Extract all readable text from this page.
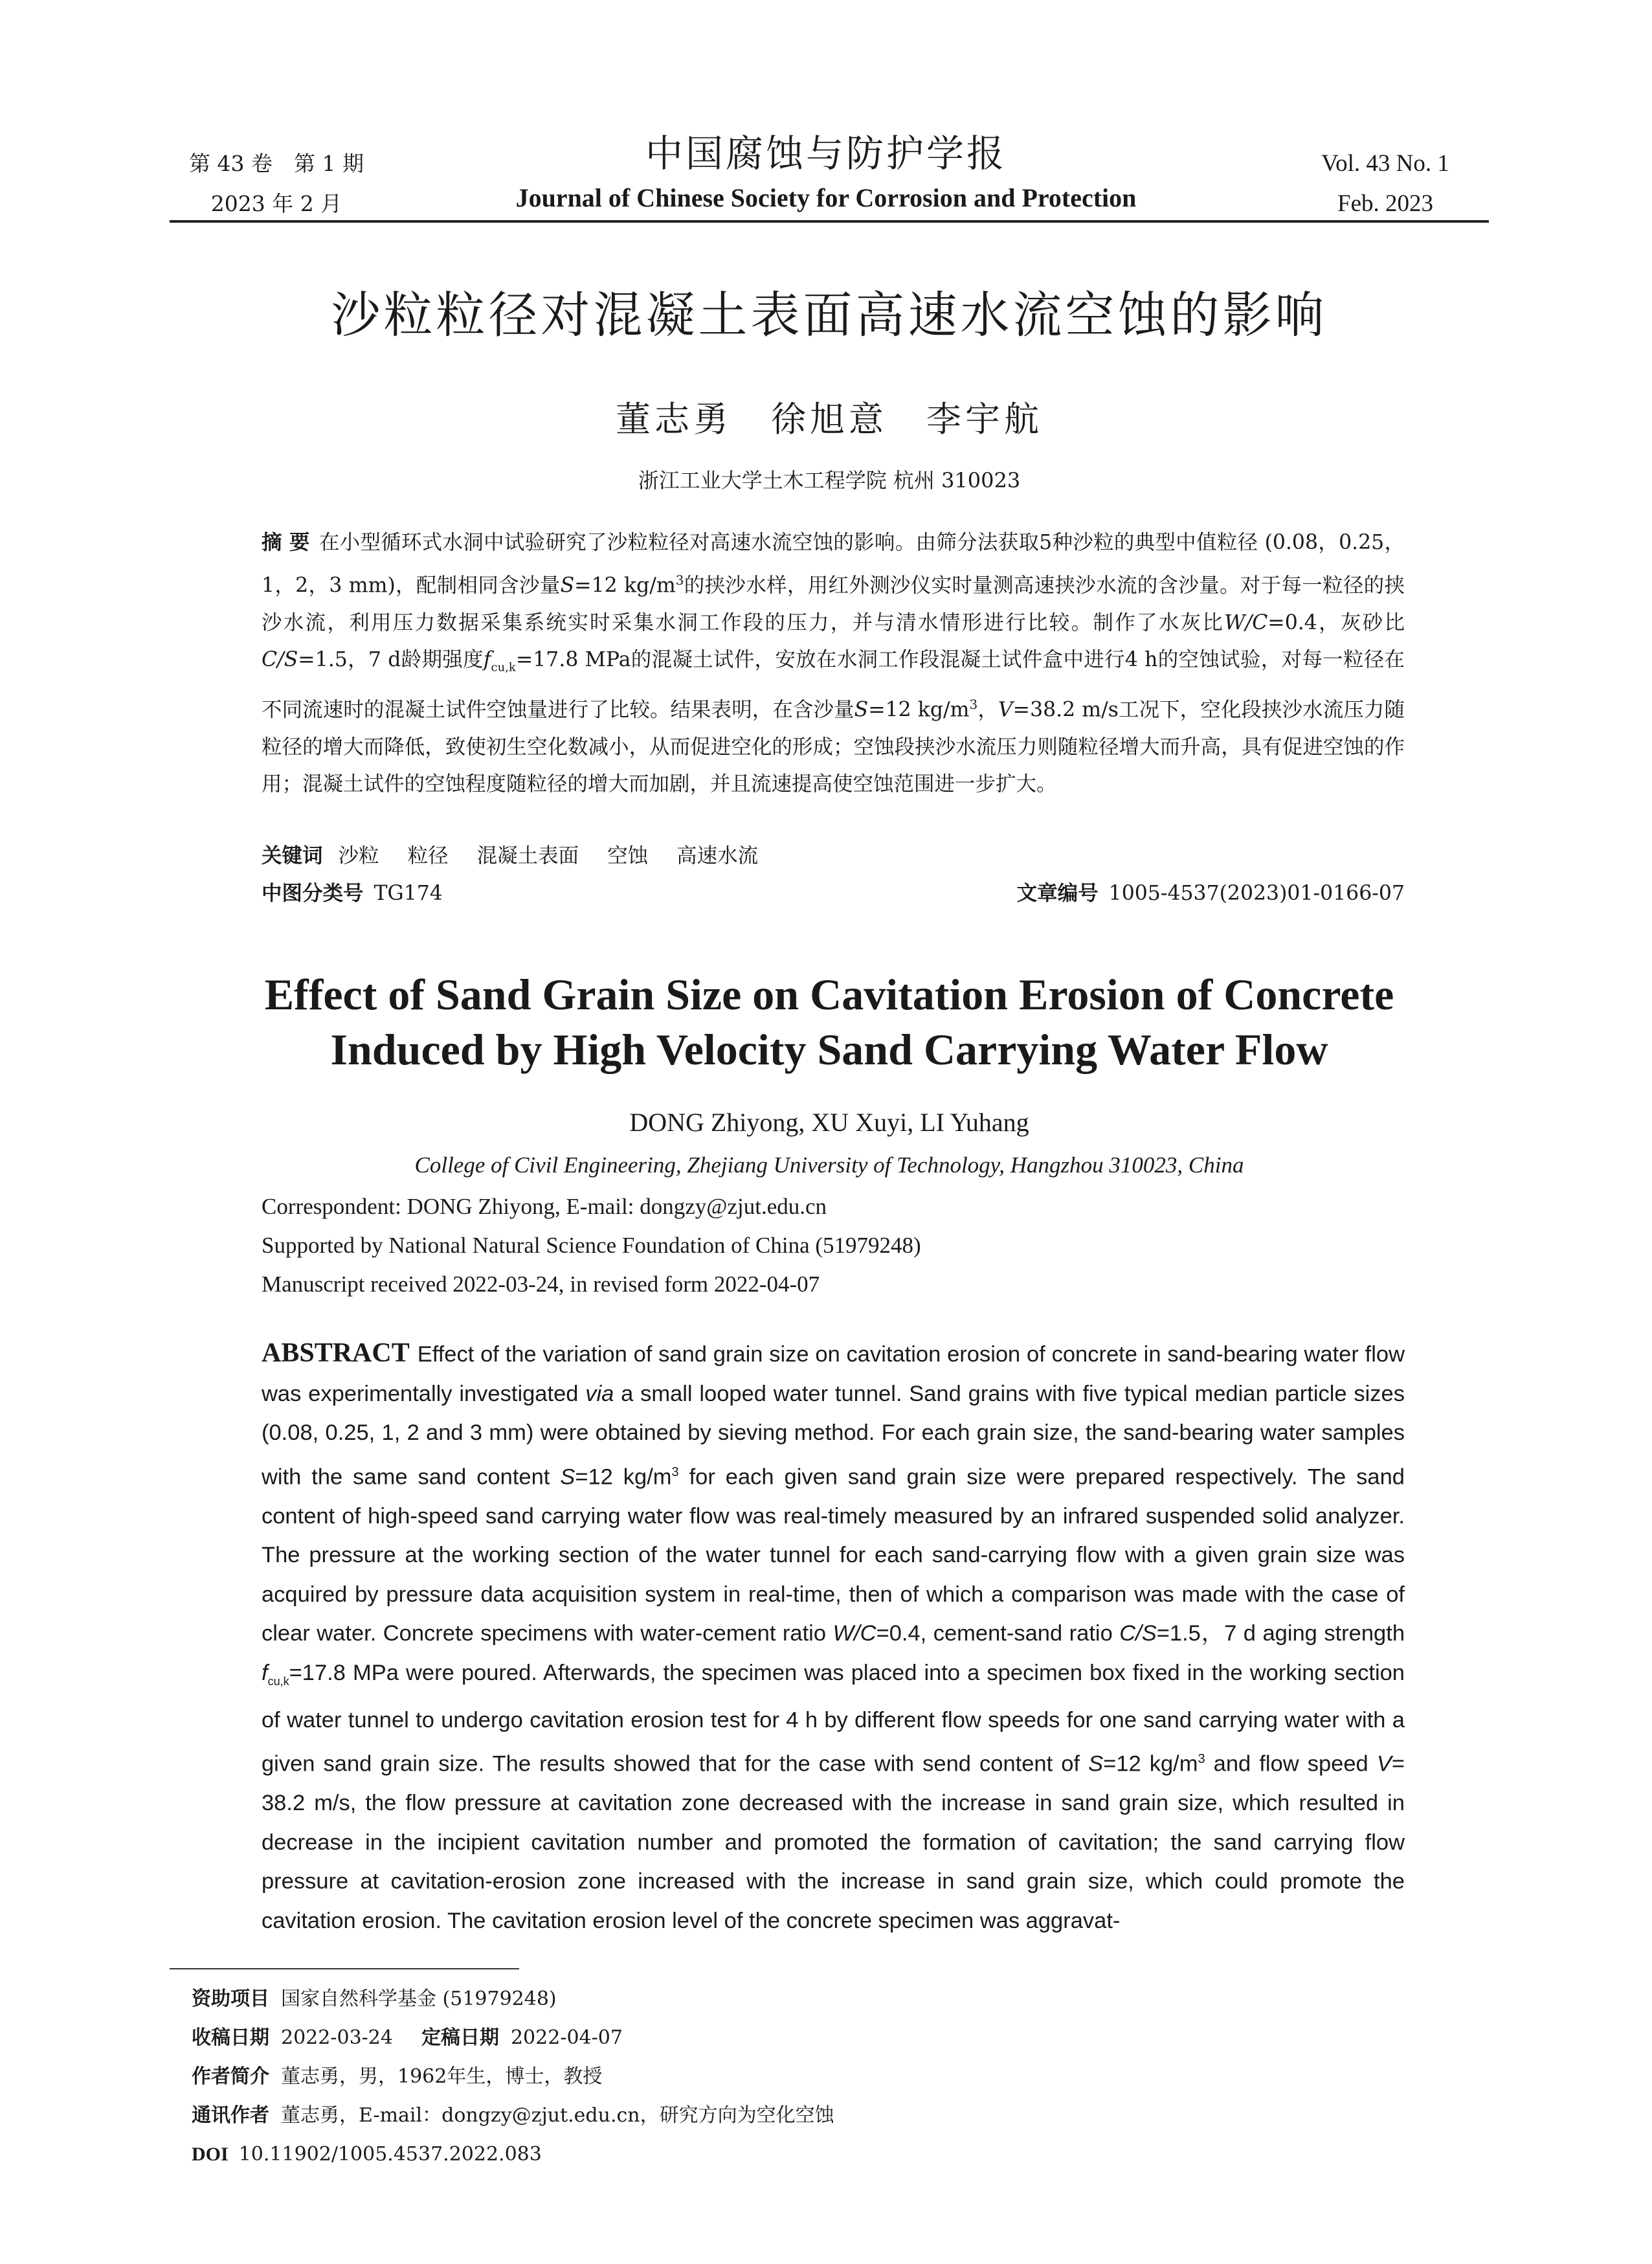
第 43 卷　第 1 期
2023 年 2 月
中国腐蚀与防护学报
Journal of Chinese Society for Corrosion and Protection
Vol. 43 No. 1
Feb. 2023
沙粒粒径对混凝土表面高速水流空蚀的影响
董志勇　徐旭意　李宇航
浙江工业大学土木工程学院 杭州 310023
摘 要 在小型循环式水洞中试验研究了沙粒粒径对高速水流空蚀的影响。由筛分法获取5种沙粒的典型中值粒径 (0.08，0.25，1，2，3 mm)，配制相同含沙量S=12 $kg/m^3$的挟沙水样，用红外测沙仪实时量测高速挟沙水流的含沙量。对于每一粒径的挟沙水流，利用压力数据采集系统实时采集水洞工作段的压力，并与清水情形进行比较。制作了水灰比W/C=0.4，灰砂比C/S=1.5，7 d龄期强度$f_{cu,k}=17.8$ MPa的混凝土试件，安放在水洞工作段混凝土试件盒中进行4 h的空蚀试验，对每一粒径在不同流速时的混凝土试件空蚀量进行了比较。结果表明，在含沙量S=12 $kg/m^3$，V=38.2 m/s工况下，空化段挟沙水流压力随粒径的增大而降低，致使初生空化数减小，从而促进空化的形成；空蚀段挟沙水流压力则随粒径增大而升高，具有促进空蚀的作用；混凝土试件的空蚀程度随粒径的增大而加剧，并且流速提高使空蚀范围进一步扩大。
关键词 沙粒 粒径 混凝土表面 空蚀 高速水流
中图分类号 TG174	文章编号 1005-4537(2023)01-0166-07
Effect of Sand Grain Size on Cavitation Erosion of Concrete
Induced by High Velocity Sand Carrying Water Flow
DONG Zhiyong, XU Xuyi, LI Yuhang
College of Civil Engineering, Zhejiang University of Technology, Hangzhou 310023, China
Correspondent: DONG Zhiyong, E-mail: dongzy@zjut.edu.cn
Supported by National Natural Science Foundation of China (51979248)
Manuscript received 2022-03-24, in revised form 2022-04-07
ABSTRACT Effect of the variation of sand grain size on cavitation erosion of concrete in sand-bearing water flow was experimentally investigated via a small looped water tunnel. Sand grains with five typical median particle sizes (0.08, 0.25, 1, 2 and 3 mm) were obtained by sieving method. For each grain size, the sand-bearing water samples with the same sand content S=12 $kg/m^3$ for each given sand grain size were prepared respectively. The sand content of high-speed sand carrying water flow was real-timely measured by an infrared suspended solid analyzer. The pressure at the working section of the water tunnel for each sand-carrying flow with a given grain size was acquired by pressure data acquisition system in real-time, then of which a comparison was made with the case of clear water. Concrete specimens with water-cement ratio W/C=0.4, cement-sand ratio C/S=1.5，7 d aging strength $f_{cu,k}=17.8$ MPa were poured. Afterwards, the specimen was placed into a specimen box fixed in the working section of water tunnel to undergo cavitation erosion test for 4 h by different flow speeds for one sand carrying water with a given sand grain size. The results showed that for the case with send content of S=12 $kg/m^3$ and flow speed V= 38.2 m/s, the flow pressure at cavitation zone decreased with the increase in sand grain size, which resulted in decrease in the incipient cavitation number and promoted the formation of cavitation; the sand carrying flow pressure at cavitation-erosion zone increased with the increase in sand grain size, which could promote the cavitation erosion. The cavitation erosion level of the concrete specimen was aggravat-
资助项目 国家自然科学基金 (51979248)
收稿日期 2022-03-24 定稿日期 2022-04-07
作者简介 董志勇，男，1962年生，博士，教授
通讯作者 董志勇，E-mail：dongzy@zjut.edu.cn，研究方向为空化空蚀
DOI 10.11902/1005.4537.2022.083
